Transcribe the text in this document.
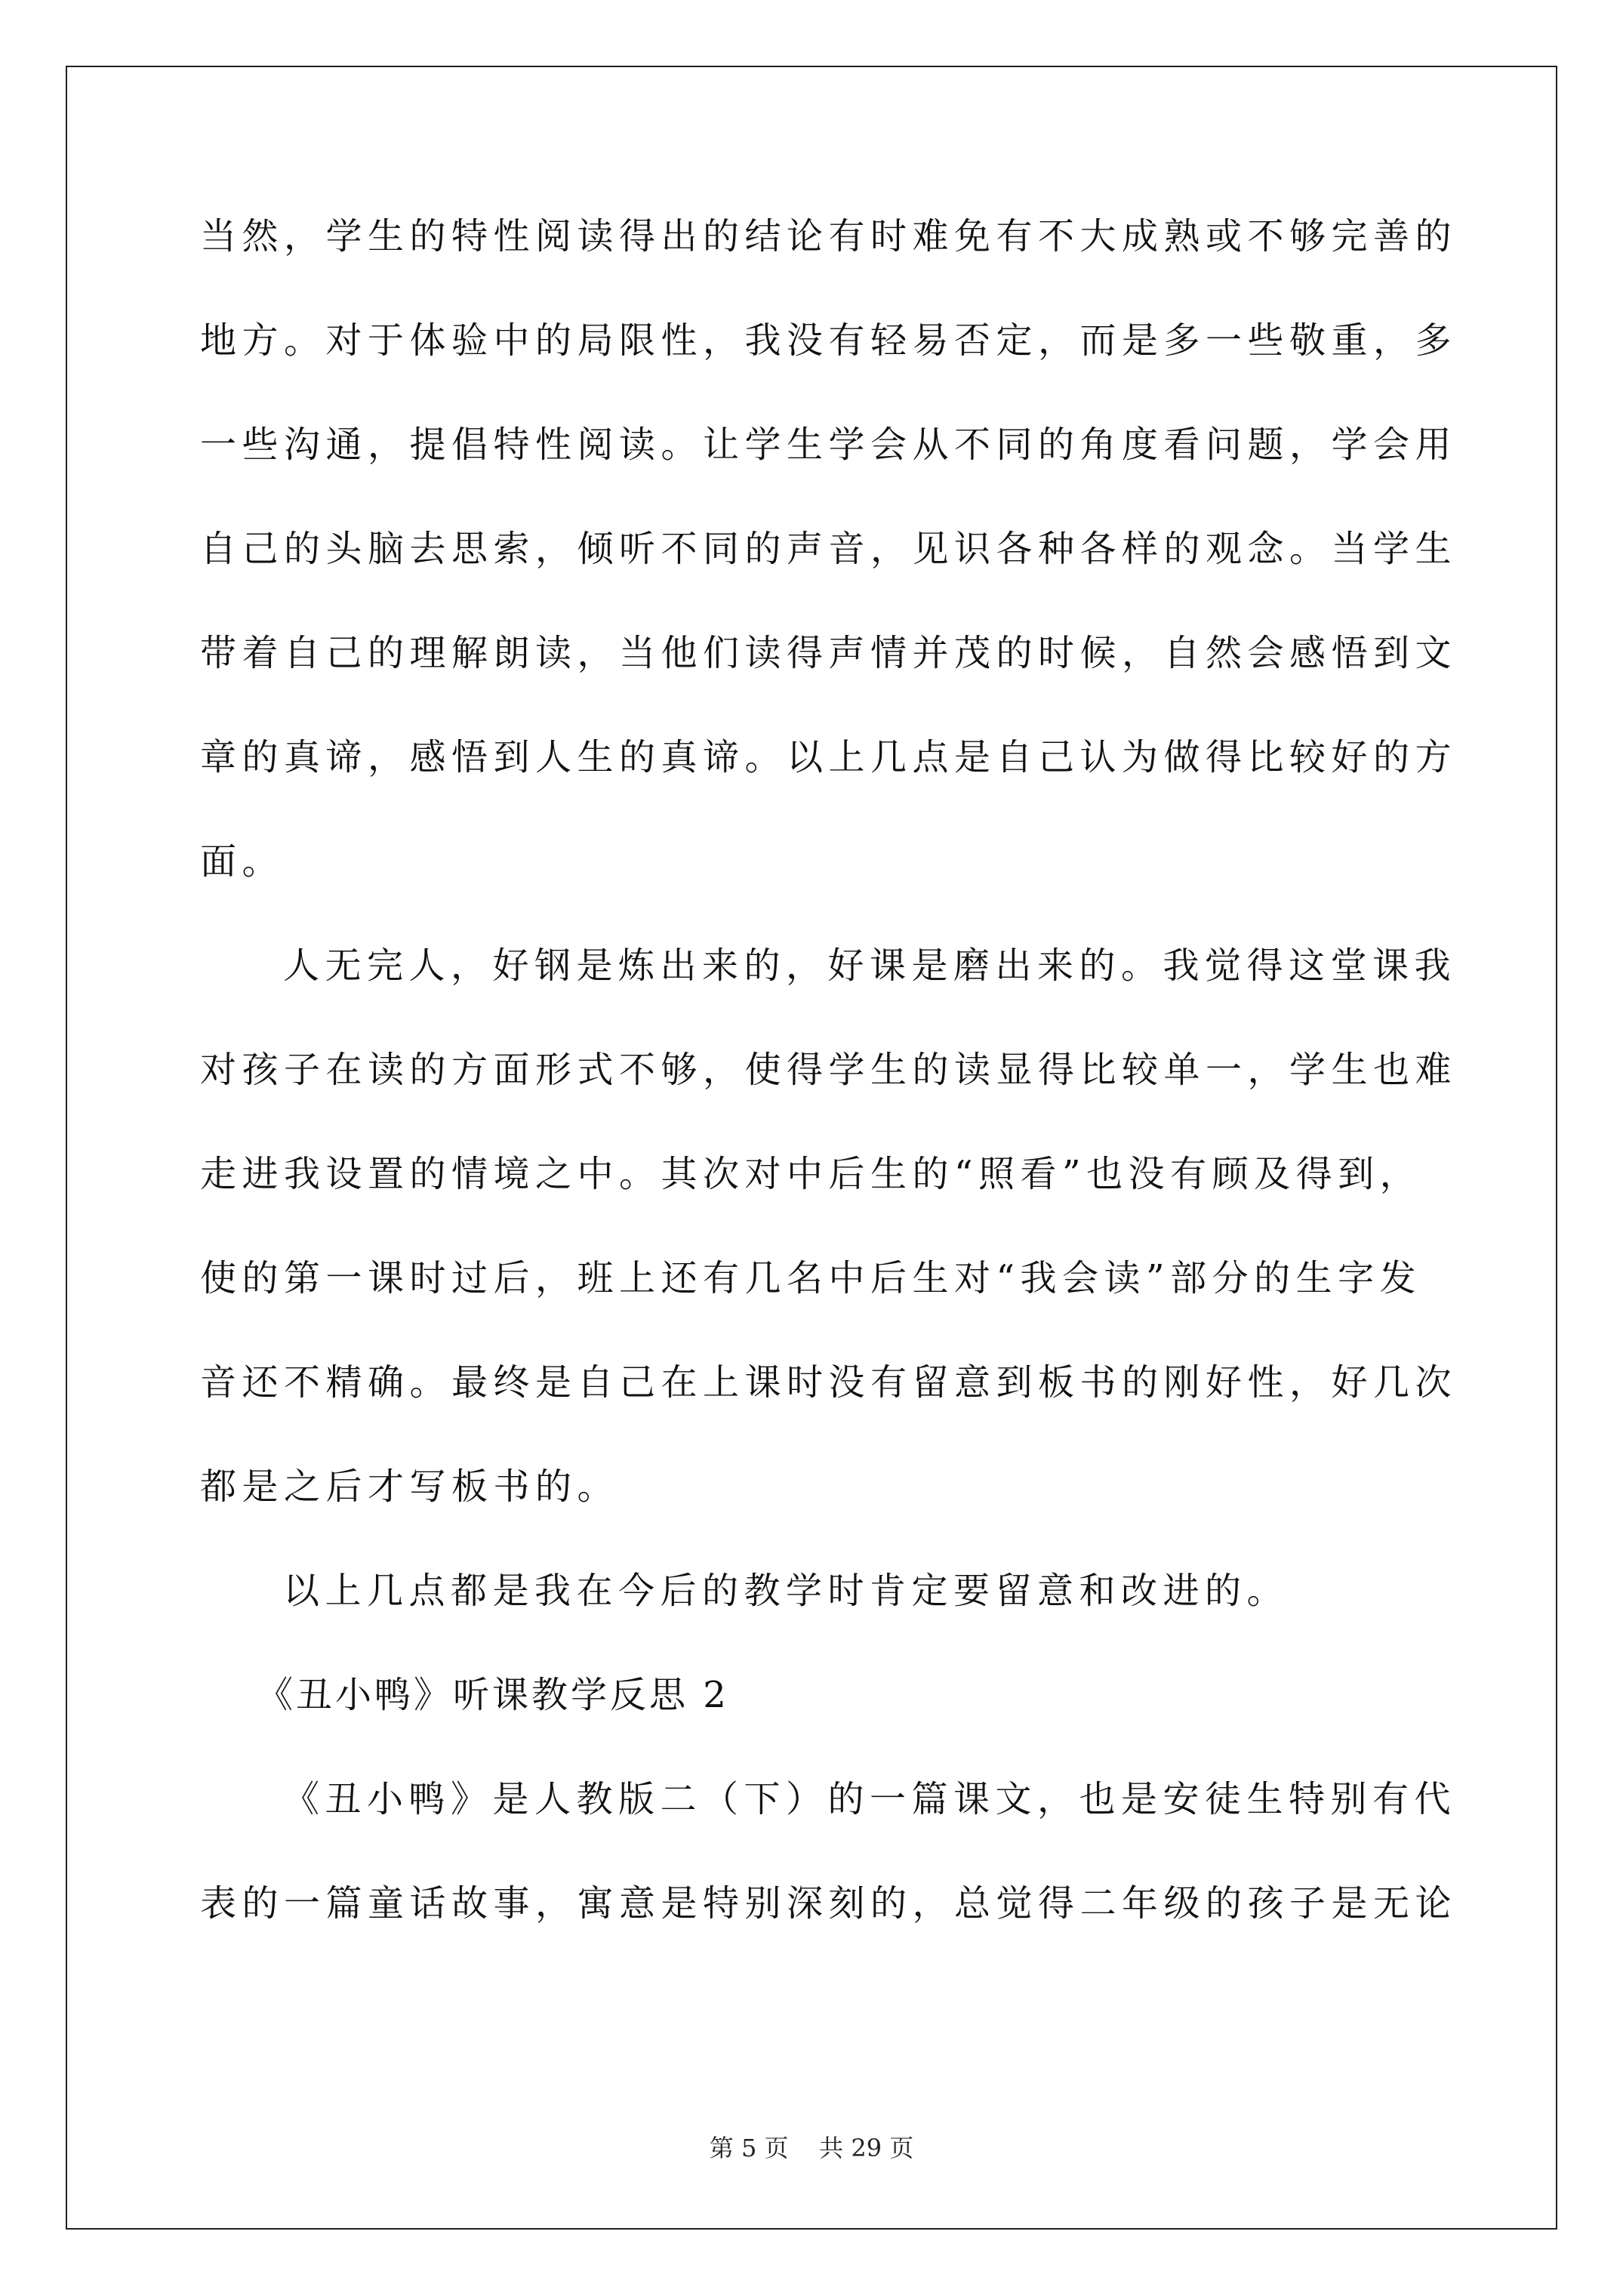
当然，学生的特性阅读得出的结论有时难免有不大成熟或不够完善的
地方。对于体验中的局限性，我没有轻易否定，而是多一些敬重，多
一些沟通，提倡特性阅读。让学生学会从不同的角度看问题，学会用
自己的头脑去思索，倾听不同的声音，见识各种各样的观念。当学生
带着自己的理解朗读，当他们读得声情并茂的时候，自然会感悟到文
章的真谛，感悟到人生的真谛。以上几点是自己认为做得比较好的方
面。
人无完人，好钢是炼出来的，好课是磨出来的。我觉得这堂课我
对孩子在读的方面形式不够，使得学生的读显得比较单一，学生也难
走进我设置的情境之中。其次对中后生的“照看”也没有顾及得到，
使的第一课时过后，班上还有几名中后生对“我会读”部分的生字发
音还不精确。最终是自己在上课时没有留意到板书的刚好性，好几次
都是之后才写板书的。
以上几点都是我在今后的教学时肯定要留意和改进的。
《丑小鸭》听课教学反思 2
《丑小鸭》是人教版二（下）的一篇课文，也是安徒生特别有代
表的一篇童话故事，寓意是特别深刻的，总觉得二年级的孩子是无论
第 5 页    共 29 页
